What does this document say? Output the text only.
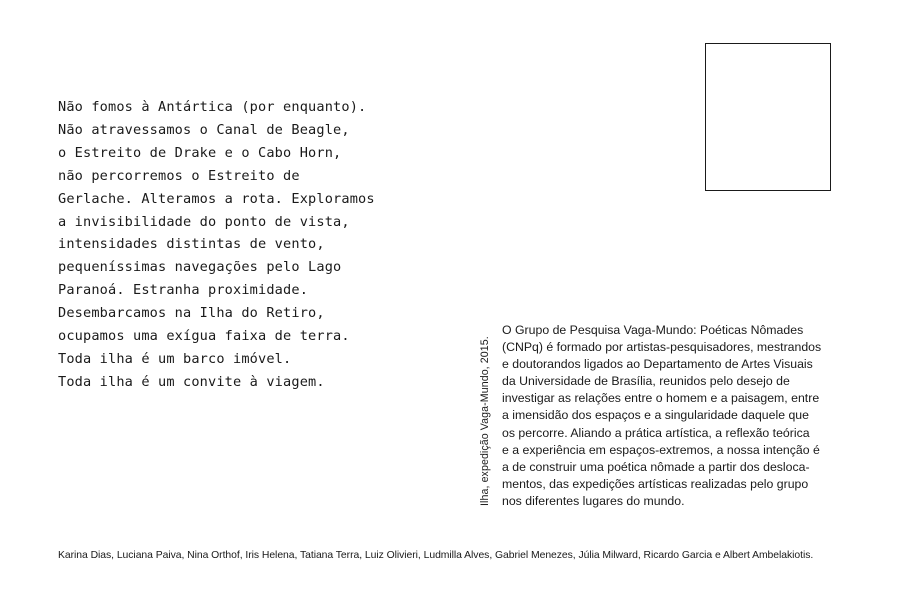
Não fomos à Antártica (por enquanto).
Não atravessamos o Canal de Beagle,
o Estreito de Drake e o Cabo Horn,
não percorremos o Estreito de
Gerlache. Alteramos a rota. Exploramos
a invisibilidade do ponto de vista,
intensidades distintas de vento,
pequeníssimas navegações pelo Lago
Paranoá. Estranha proximidade.
Desembarcamos na Ilha do Retiro,
ocupamos uma exígua faixa de terra.
Toda ilha é um barco imóvel.
Toda ilha é um convite à viagem.	Ilha, expedição Vaga-Mundo, 2015.
O Grupo de Pesquisa Vaga-Mundo: Poéticas Nômades
(CNPq) é formado por artistas-pesquisadores, mestrandos
e doutorandos ligados ao Departamento de Artes Visuais
da Universidade de Brasília, reunidos pelo desejo de
investigar as relações entre o homem e a paisagem, entre
a imensidão dos espaços e a singularidade daquele que
os percorre. Aliando a prática artística, a reflexão teórica
e a experiência em espaços-extremos, a nossa intenção é
a de construir uma poética nômade a partir dos desloca-
mentos, das expedições artísticas realizadas pelo grupo
nos diferentes lugares do mundo.
Karina Dias, Luciana Paiva, Nina Orthof, Iris Helena, Tatiana Terra, Luiz Olivieri, Ludmilla Alves, Gabriel Menezes, Júlia Milward, Ricardo Garcia e Albert Ambelakiotis.
